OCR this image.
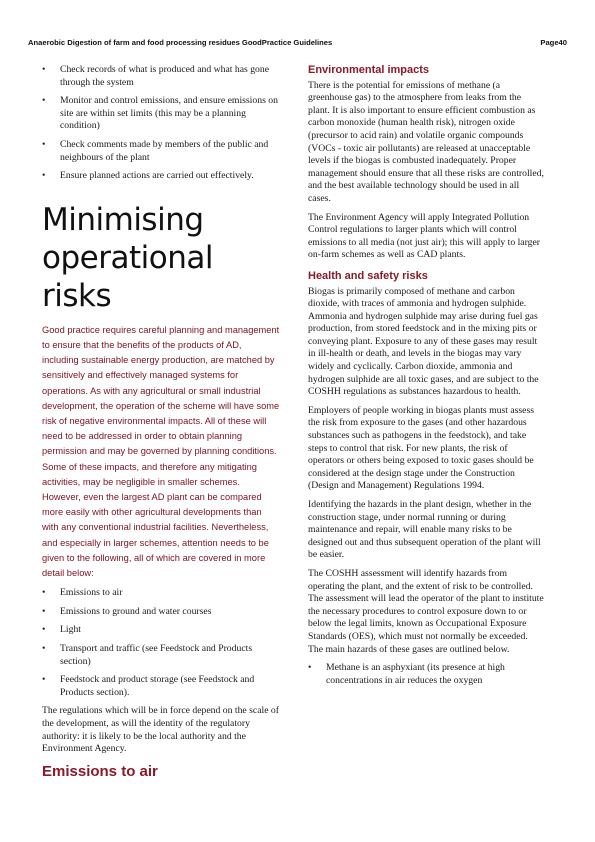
Anaerobic Digestion of farm and food processing residues GoodPractice Guidelines	Page40
• Check records of what is produced and what has gone through the system
• Monitor and control emissions, and ensure emissions on site are within set limits (this may be a planning condition)
• Check comments made by members of the public and neighbours of the plant
• Ensure planned actions are carried out effectively.
Minimising operational risks

Good practice requires careful planning and management to ensure that the benefits of the products of AD, including sustainable energy production, are matched by sensitively and effectively managed systems for operations. As with any agricultural or small industrial development, the operation of the scheme will have some risk of negative environmental impacts. All of these will need to be addressed in order to obtain planning permission and may be governed by planning conditions. Some of these impacts, and therefore any mitigating activities, may be negligible in smaller schemes. However, even the largest AD plant can be compared more easily with other agricultural developments than with any conventional industrial facilities. Nevertheless, and especially in larger schemes, attention needs to be given to the following, all of which are covered in more detail below:

• Emissions to air
• Emissions to ground and water courses
• Light
• Transport and traffic (see Feedstock and Products section)
• Feedstock and product storage (see Feedstock and Products section).

The regulations which will be in force depend on the scale of the development, as will the identity of the regulatory authority: it is likely to be the local authority and the Environment Agency.

Emissions to air
Environmental impacts

There is the potential for emissions of methane (a greenhouse gas) to the atmosphere from leaks from the plant. It is also important to ensure efficient combustion as carbon monoxide (human health risk), nitrogen oxide (precursor to acid rain) and volatile organic compounds (VOCs - toxic air pollutants) are released at unacceptable levels if the biogas is combusted inadequately. Proper management should ensure that all these risks are controlled, and the best available technology should be used in all cases.

The Environment Agency will apply Integrated Pollution Control regulations to larger plants which will control emissions to all media (not just air); this will apply to larger on-farm schemes as well as CAD plants.

Health and safety risks

Biogas is primarily composed of methane and carbon dioxide, with traces of ammonia and hydrogen sulphide. Ammonia and hydrogen sulphide may arise during fuel gas production, from stored feedstock and in the mixing pits or conveying plant. Exposure to any of these gases may result in ill-health or death, and levels in the biogas may vary widely and cyclically. Carbon dioxide, ammonia and hydrogen sulphide are all toxic gases, and are subject to the COSHH regulations as substances hazardous to health.

Employers of people working in biogas plants must assess the risk from exposure to the gases (and other hazardous substances such as pathogens in the feedstock), and take steps to control that risk. For new plants, the risk of operators or others being exposed to toxic gases should be considered at the design stage under the Construction (Design and Management) Regulations 1994.

Identifying the hazards in the plant design, whether in the construction stage, under normal running or during maintenance and repair, will enable many risks to be designed out and thus subsequent operation of the plant will be easier.

The COSHH assessment will identify hazards from operating the plant, and the extent of risk to be controlled. The assessment will lead the operator of the plant to institute the necessary procedures to control exposure down to or below the legal limits, known as Occupational Exposure Standards (OES), which must not normally be exceeded. The main hazards of these gases are outlined below.

• Methane is an asphyxiant (its presence at high concentrations in air reduces the oxygen
